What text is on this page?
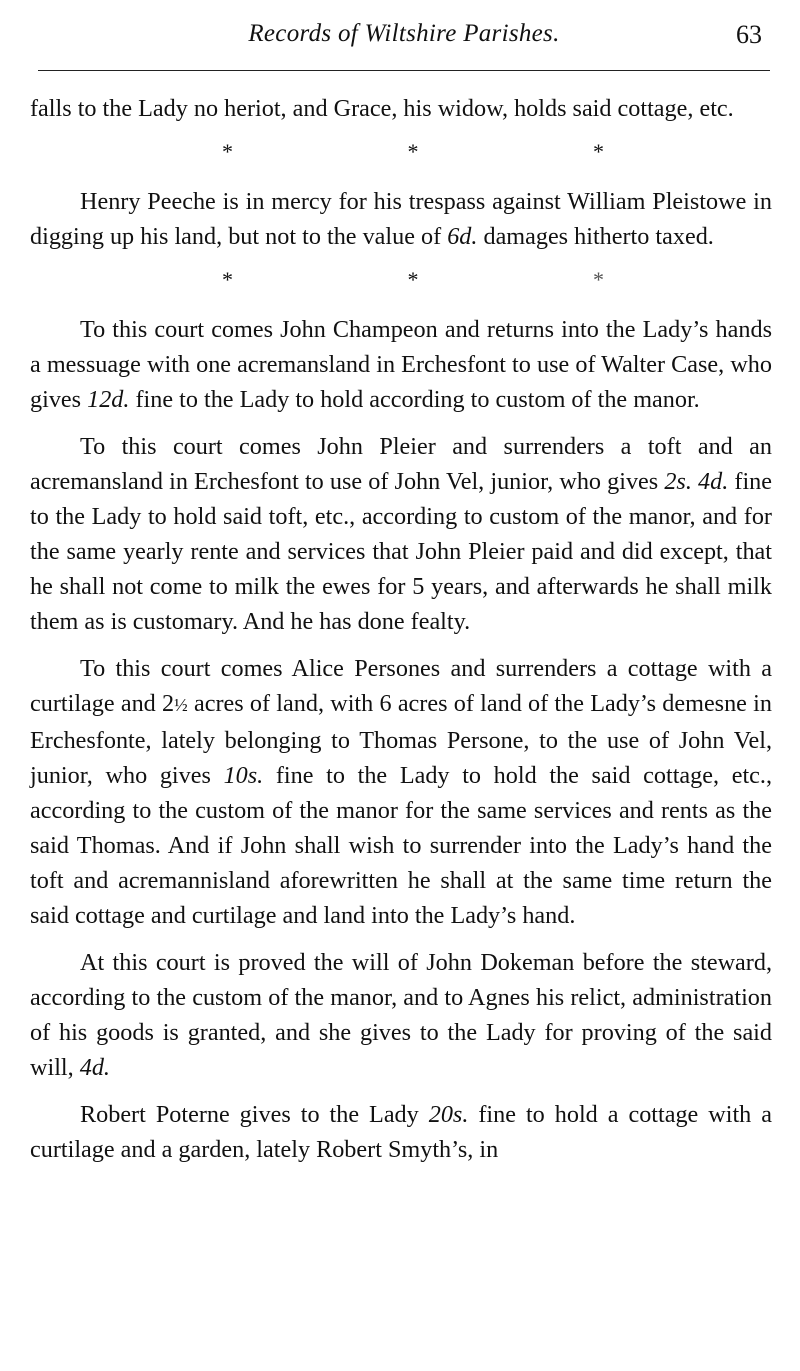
Records of Wiltshire Parishes.	63

falls to the Lady no heriot, and Grace, his widow, holds said cottage, etc.

*	*	*

Henry Peeche is in mercy for his trespass against William Pleistowe in digging up his land, but not to the value of 6d. damages hitherto taxed.

*	*	*

To this court comes John Champeon and returns into the Lady’s hands a messuage with one acremansland in Erchesfont to use of Walter Case, who gives 12d. fine to the Lady to hold according to custom of the manor.

To this court comes John Pleier and surrenders a toft and an acremansland in Erchesfont to use of John Vel, junior, who gives 2s. 4d. fine to the Lady to hold said toft, etc., according to custom of the manor, and for the same yearly rente and services that John Pleier paid and did except, that he shall not come to milk the ewes for 5 years, and afterwards he shall milk them as is customary. And he has done fealty.

To this court comes Alice Persones and surrenders a cottage with a curtilage and 2½ acres of land, with 6 acres of land of the Lady’s demesne in Erchesfonte, lately belonging to Thomas Persone, to the use of John Vel, junior, who gives 10s. fine to the Lady to hold the said cottage, etc., according to the custom of the manor for the same services and rents as the said Thomas. And if John shall wish to surrender into the Lady’s hand the toft and acremannisland aforewritten he shall at the same time return the said cottage and curtilage and land into the Lady’s hand.

At this court is proved the will of John Dokeman before the steward, according to the custom of the manor, and to Agnes his relict, administration of his goods is granted, and she gives to the Lady for proving of the said will, 4d.

Robert Poterne gives to the Lady 20s. fine to hold a cottage with a curtilage and a garden, lately Robert Smyth’s, in
